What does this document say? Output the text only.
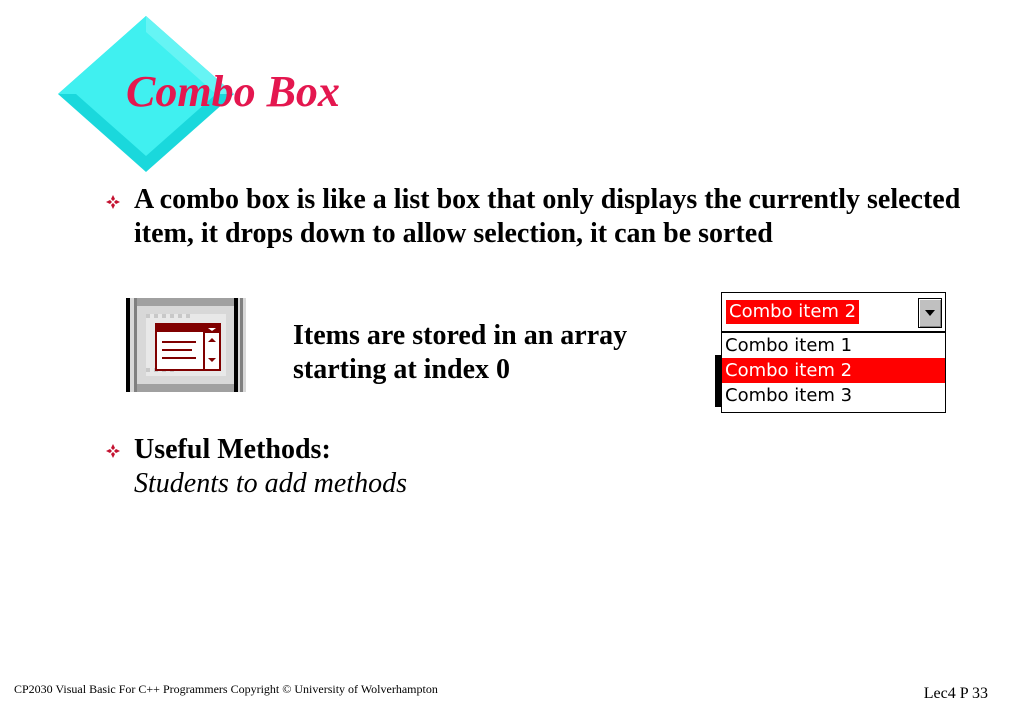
Combo Box

A combo box is like a list box that only displays the currently selected item, it drops down to allow selection, it can be sorted

Items are stored in an array starting at index 0

Combo item 2
Combo item 1
Combo item 2
Combo item 3
Useful Methods:
Students to add methods

CP2030 Visual Basic For C++ Programmers Copyright © University of Wolverhampton	Lec4 P 33
